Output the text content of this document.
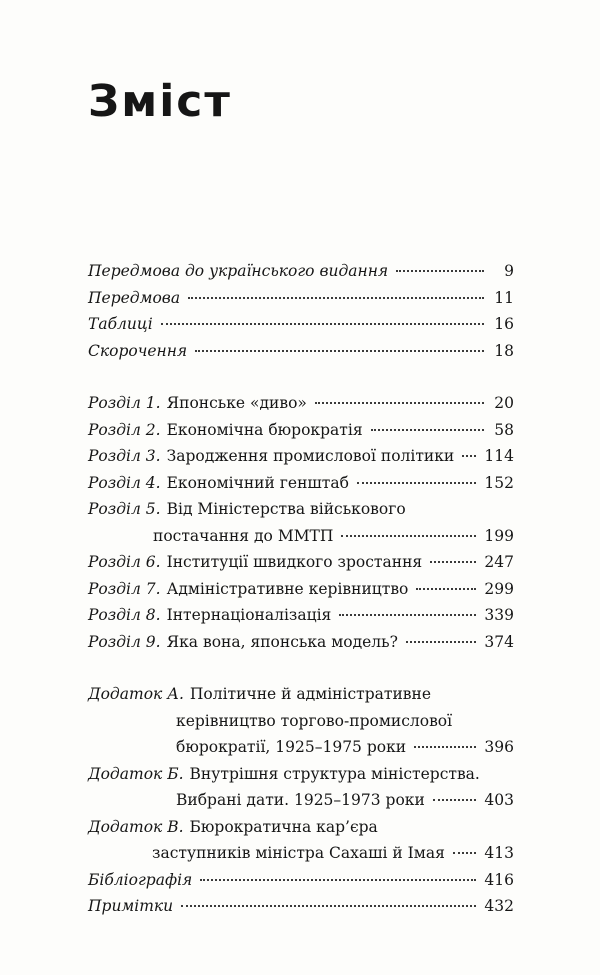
Зміст
Передмова до українського видання	9
Передмова	11
Таблиці	16
Скорочення	18
Розділ 1. Японське «диво»	20
Розділ 2. Економічна бюрократія	58
Розділ 3. Зародження промислової політики 114
Розділ 4. Економічний генштаб	152
Розділ 5. Від Міністерства військового
постачання до ММТП	199
Розділ 6. Інституції швидкого зростання	247
Розділ 7. Адміністративне керівництво	299
Розділ 8. Інтернаціоналізація	339
Розділ 9. Яка вона, японська модель?	374
Додаток А. Політичне й адміністративне
керівництво торгово-промислової
бюрократії, 1925–1975 роки	396
Додаток Б. Внутрішня структура міністерства.
Вибрані дати. 1925–1973 роки	403
Додаток В. Бюрократична кар’єра
заступників міністра Сахаші й Імая	413
Бібліографія	416
Примітки	432
